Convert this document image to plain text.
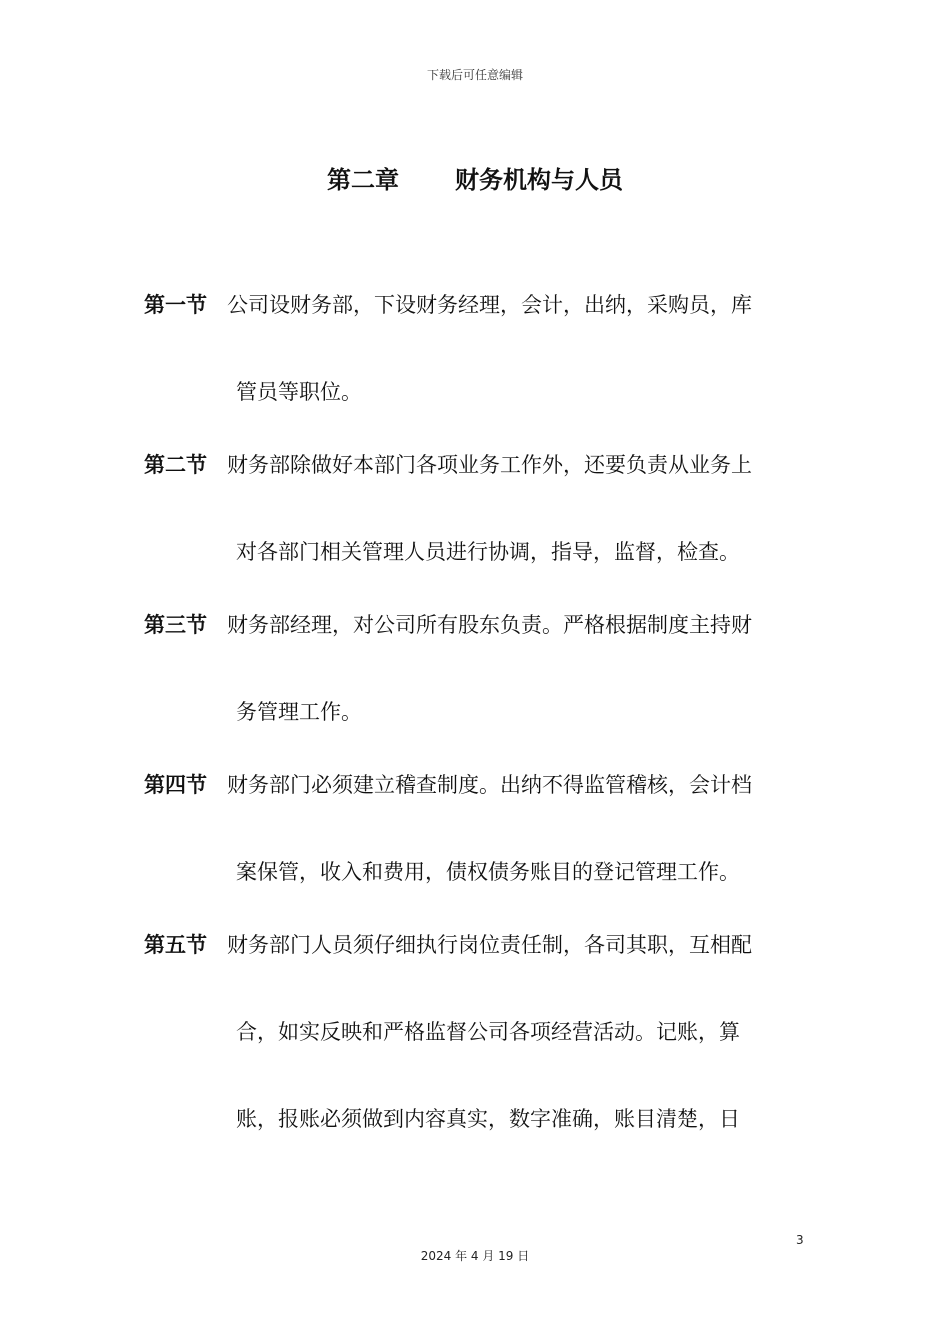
下载后可任意编辑
第二章 财务机构与人员
第一节 公司设财务部，下设财务经理，会计，出纳，采购员，库
管员等职位。
第二节 财务部除做好本部门各项业务工作外，还要负责从业务上
对各部门相关管理人员进行协调，指导，监督，检查。
第三节 财务部经理，对公司所有股东负责。严格根据制度主持财
务管理工作。
第四节 财务部门必须建立稽查制度。出纳不得监管稽核，会计档
案保管，收入和费用，债权债务账目的登记管理工作。
第五节 财务部门人员须仔细执行岗位责任制，各司其职，互相配
合，如实反映和严格监督公司各项经营活动。记账，算
账，报账必须做到内容真实，数字准确，账目清楚，日
3
2024 年 4 月 19 日
